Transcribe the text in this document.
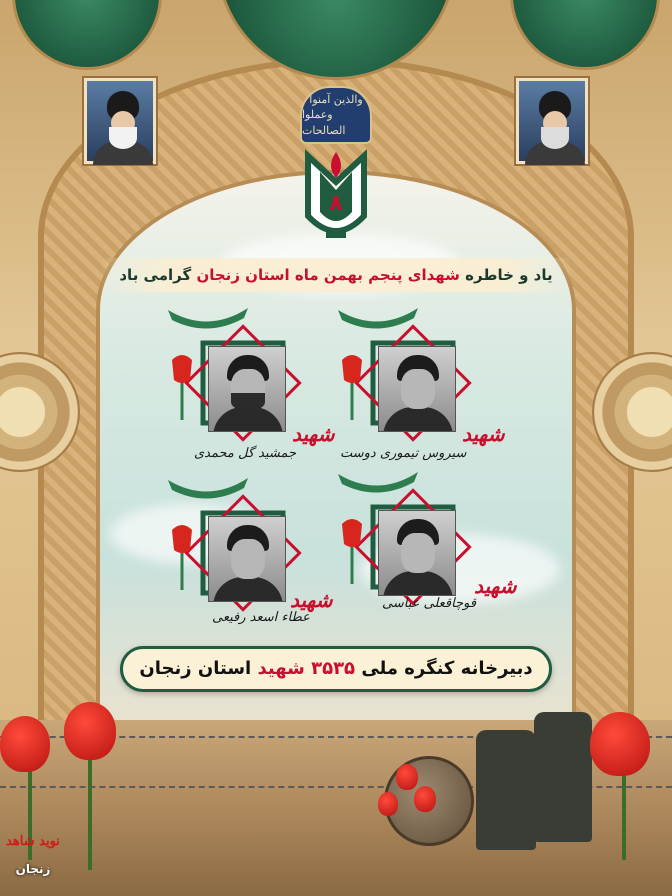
والذین آمنوا
وعملوا الصالحات
۸
یاد و خاطره شهدای پنجم بهمن ماه استان زنجان گرامی باد
شهید
سیروس تیموری دوست
شهید
جمشید گل محمدی
شهید
قوچاقعلی عباسی
شهید
عطاء اسعد رفیعی
دبیرخانه کنگره ملی ۳۵۳۵ شهید استان زنجان
نوید شاهد
زنجان
